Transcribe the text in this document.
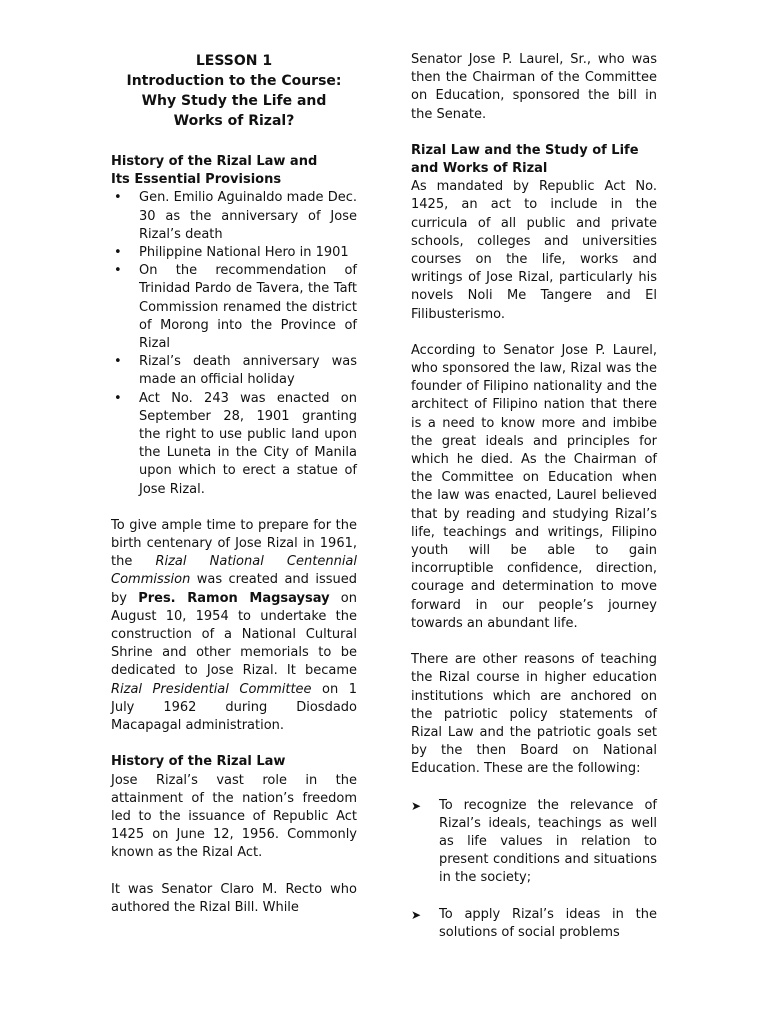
LESSON 1
Introduction to the Course:
Why Study the Life and
Works of Rizal?
History of the Rizal Law and
Its Essential Provisions
• Gen. Emilio Aguinaldo made Dec. 30 as the anniversary of Jose Rizal’s death
• Philippine National Hero in 1901
• On the recommendation of Trinidad Pardo de Tavera, the Taft Commission renamed the district of Morong into the Province of Rizal
• Rizal’s death anniversary was made an official holiday
• Act No. 243 was enacted on September 28, 1901 granting the right to use public land upon the Luneta in the City of Manila upon which to erect a statue of Jose Rizal.

To give ample time to prepare for the birth centenary of Jose Rizal in 1961, the Rizal National Centennial Commission was created and issued by Pres. Ramon Magsaysay on August 10, 1954 to undertake the construction of a National Cultural Shrine and other memorials to be dedicated to Jose Rizal. It became Rizal Presidential Committee on 1 July 1962 during Diosdado Macapagal administration.

History of the Rizal Law

Jose Rizal’s vast role in the attainment of the nation’s freedom led to the issuance of Republic Act 1425 on June 12, 1956. Commonly known as the Rizal Act.

It was Senator Claro M. Recto who authored the Rizal Bill. While

Senator Jose P. Laurel, Sr., who was then the Chairman of the Committee on Education, sponsored the bill in the Senate.

Rizal Law and the Study of Life
and Works of Rizal

As mandated by Republic Act No. 1425, an act to include in the curricula of all public and private schools, colleges and universities courses on the life, works and writings of Jose Rizal, particularly his novels Noli Me Tangere and El Filibusterismo.

According to Senator Jose P. Laurel, who sponsored the law, Rizal was the founder of Filipino nationality and the architect of Filipino nation that there is a need to know more and imbibe the great ideals and principles for which he died. As the Chairman of the Committee on Education when the law was enacted, Laurel believed that by reading and studying Rizal’s life, teachings and writings, Filipino youth will be able to gain incorruptible confidence, direction, courage and determination to move forward in our people’s journey towards an abundant life.

There are other reasons of teaching the Rizal course in higher education institutions which are anchored on the patriotic policy statements of Rizal Law and the patriotic goals set by the then Board on National Education. These are the following:

➤ To recognize the relevance of Rizal’s ideals, teachings as well as life values in relation to present conditions and situations in the society;
➤ To apply Rizal’s ideas in the solutions of social problems
